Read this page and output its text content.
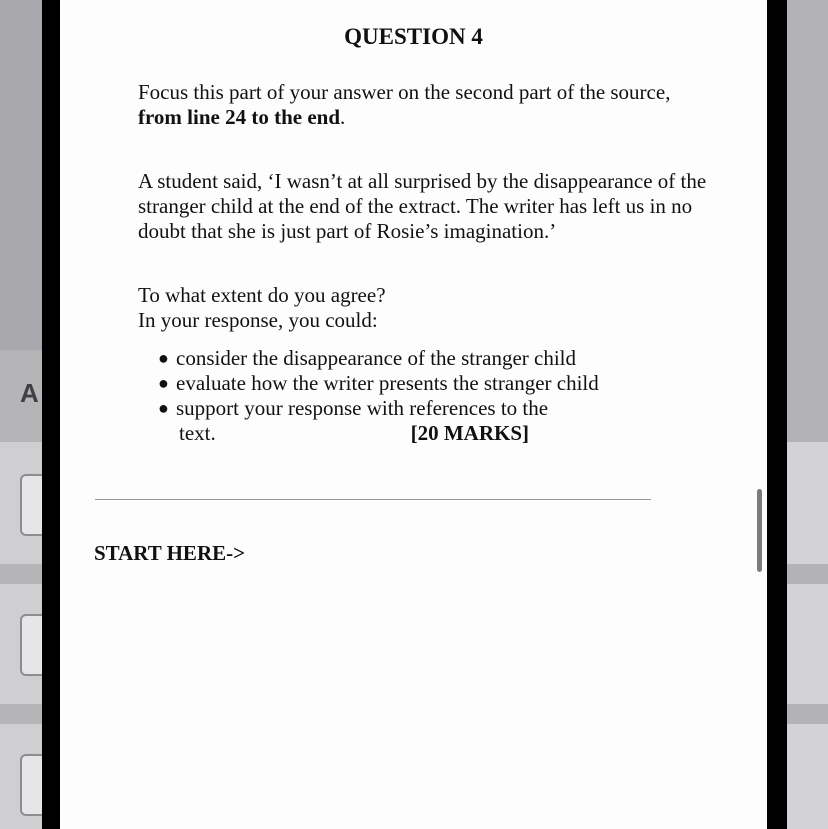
A
QUESTION 4
Focus this part of your answer on the second part of the source,
from line 24 to the end.
A student said, ‘I wasn’t at all surprised by the disappearance of the stranger child at the end of the extract. The writer has left us in no doubt that she is just part of Rosie’s imagination.’
To what extent do you agree?
In your response, you could:
● consider the disappearance of the stranger child
● evaluate how the writer presents the stranger child
● support your response with references to the
text.	[20 MARKS]
START HERE->
